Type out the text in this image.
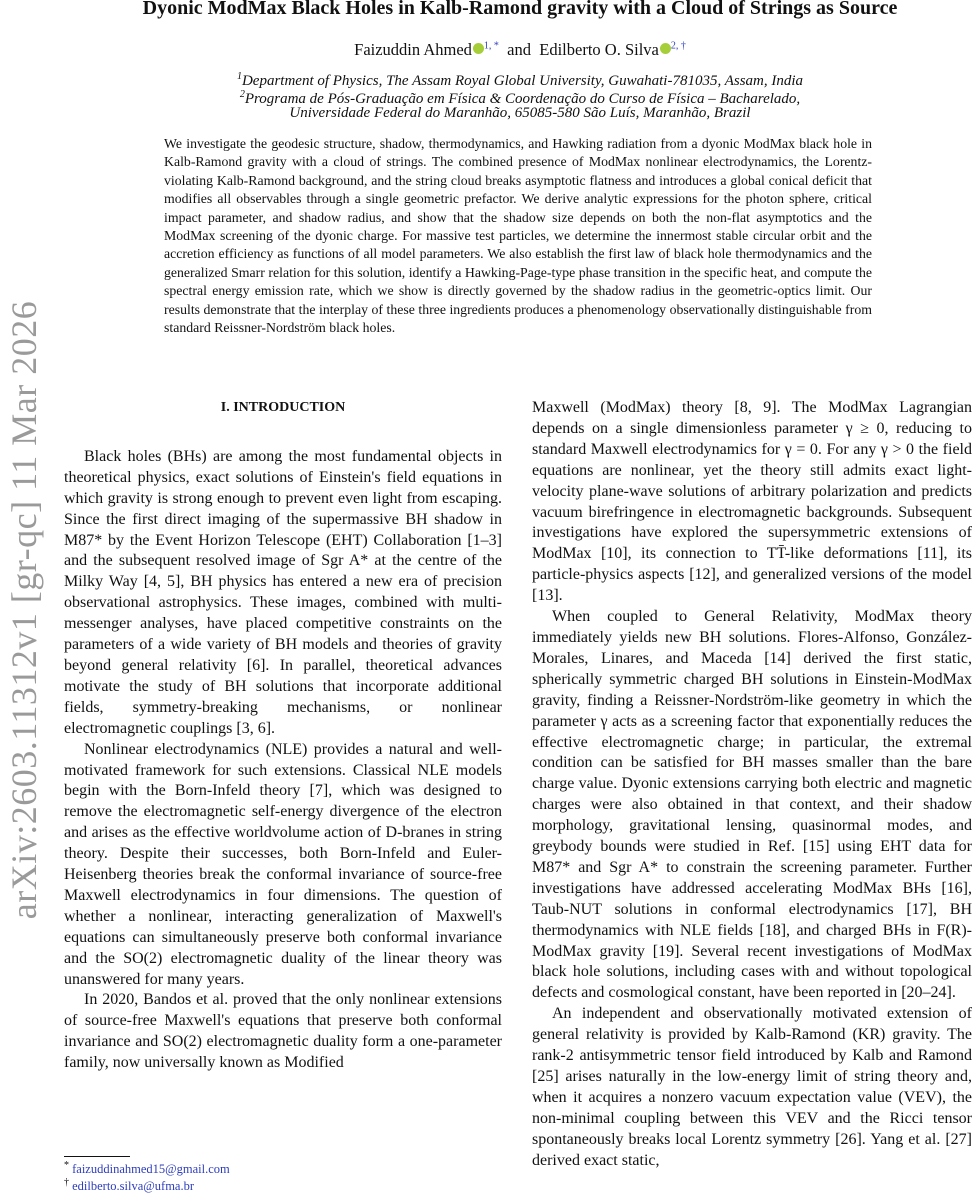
arXiv:2603.11312v1 [gr-qc] 11 Mar 2026
Dyonic ModMax Black Holes in Kalb-Ramond gravity with a Cloud of Strings as Source
Faizuddin Ahmed $^{1, *}$ and Edilberto O. Silva $^{2, \dagger}$
$^1$Department of Physics, The Assam Royal Global University, Guwahati-781035, Assam, India
$^2$Programa de Pós-Graduação em Física & Coordenação do Curso de Física – Bacharelado,
Universidade Federal do Maranhão, 65085-580 São Luís, Maranhão, Brazil
We investigate the geodesic structure, shadow, thermodynamics, and Hawking radiation from a dyonic ModMax black hole in Kalb-Ramond gravity with a cloud of strings. The combined presence of ModMax nonlinear electrodynamics, the Lorentz-violating Kalb-Ramond background, and the string cloud breaks asymptotic flatness and introduces a global conical deficit that modifies all observables through a single geometric prefactor. We derive analytic expressions for the photon sphere, critical impact parameter, and shadow radius, and show that the shadow size depends on both the non-flat asymptotics and the ModMax screening of the dyonic charge. For massive test particles, we determine the innermost stable circular orbit and the accretion efficiency as functions of all model parameters. We also establish the first law of black hole thermodynamics and the generalized Smarr relation for this solution, identify a Hawking-Page-type phase transition in the specific heat, and compute the spectral energy emission rate, which we show is directly governed by the shadow radius in the geometric-optics limit. Our results demonstrate that the interplay of these three ingredients produces a phenomenology observationally distinguishable from standard Reissner-Nordström black holes.
I. INTRODUCTION

Black holes (BHs) are among the most fundamental objects in theoretical physics, exact solutions of Einstein's field equations in which gravity is strong enough to prevent even light from escaping. Since the first direct imaging of the supermassive BH shadow in M87* by the Event Horizon Telescope (EHT) Collaboration [1–3] and the subsequent resolved image of Sgr A* at the centre of the Milky Way [4, 5], BH physics has entered a new era of precision observational astrophysics. These images, combined with multi-messenger analyses, have placed competitive constraints on the parameters of a wide variety of BH models and theories of gravity beyond general relativity [6]. In parallel, theoretical advances motivate the study of BH solutions that incorporate additional fields, symmetry-breaking mechanisms, or nonlinear electromagnetic couplings [3, 6].

Nonlinear electrodynamics (NLE) provides a natural and well-motivated framework for such extensions. Classical NLE models begin with the Born-Infeld theory [7], which was designed to remove the electromagnetic self-energy divergence of the electron and arises as the effective worldvolume action of D-branes in string theory. Despite their successes, both Born-Infeld and Euler-Heisenberg theories break the conformal invariance of source-free Maxwell electrodynamics in four dimensions. The question of whether a nonlinear, interacting generalization of Maxwell's equations can simultaneously preserve both conformal invariance and the SO(2) electromagnetic duality of the linear theory was unanswered for many years.

In 2020, Bandos et al. proved that the only nonlinear extensions of source-free Maxwell's equations that preserve both conformal invariance and SO(2) electromagnetic duality form a one-parameter family, now universally known as Modified

Maxwell (ModMax) theory [8, 9]. The ModMax Lagrangian depends on a single dimensionless parameter γ ≥ 0, reducing to standard Maxwell electrodynamics for γ = 0. For any γ > 0 the field equations are nonlinear, yet the theory still admits exact light-velocity plane-wave solutions of arbitrary polarization and predicts vacuum birefringence in electromagnetic backgrounds. Subsequent investigations have explored the supersymmetric extensions of ModMax [10], its connection to TT̄-like deformations [11], its particle-physics aspects [12], and generalized versions of the model [13].

When coupled to General Relativity, ModMax theory immediately yields new BH solutions. Flores-Alfonso, González-Morales, Linares, and Maceda [14] derived the first static, spherically symmetric charged BH solutions in Einstein-ModMax gravity, finding a Reissner-Nordström-like geometry in which the parameter γ acts as a screening factor that exponentially reduces the effective electromagnetic charge; in particular, the extremal condition can be satisfied for BH masses smaller than the bare charge value. Dyonic extensions carrying both electric and magnetic charges were also obtained in that context, and their shadow morphology, gravitational lensing, quasinormal modes, and greybody bounds were studied in Ref. [15] using EHT data for M87* and Sgr A* to constrain the screening parameter. Further investigations have addressed accelerating ModMax BHs [16], Taub-NUT solutions in conformal electrodynamics [17], BH thermodynamics with NLE fields [18], and charged BHs in F(R)-ModMax gravity [19]. Several recent investigations of ModMax black hole solutions, including cases with and without topological defects and cosmological constant, have been reported in [20–24].

An independent and observationally motivated extension of general relativity is provided by Kalb-Ramond (KR) gravity. The rank-2 antisymmetric tensor field introduced by Kalb and Ramond [25] arises naturally in the low-energy limit of string theory and, when it acquires a nonzero vacuum expectation value (VEV), the non-minimal coupling between this VEV and the Ricci tensor spontaneously breaks local Lorentz symmetry [26]. Yang et al. [27] derived exact static,

* faizuddinahmed15@gmail.com
† edilberto.silva@ufma.br
